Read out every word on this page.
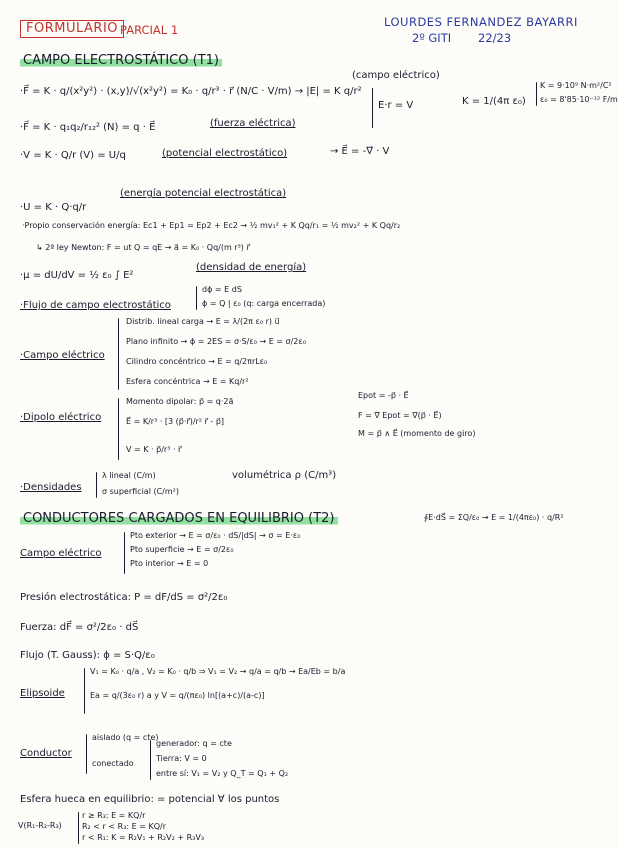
FORMULARIO PARCIAL 1
LOURDES FERNANDEZ BAYARRI
2º GITI 22/23
CAMPO ELECTROSTÁTICO (T1)
·F⃗ = K · q/(x²y²) · (x,y)/√(x²y²) = K₀ · q/r³ · r⃗ (N/C · V/m) → |E| = K q/r²
(campo eléctrico)
E·r = V	K = 1/(4π ε₀)
K = 9·10⁹ N·m²/C²
ε₀ = 8'85·10⁻¹² F/m
·F⃗ = K · q₁q₂/r₁₂² (N) = q · E⃗	(fuerza eléctrica)
·V = K · Q/r (V) = U/q	(potencial electrostático)	→ E⃗ = -∇⃗ · V
·U = K · Q·q/r
(energía potencial electrostática)
·Propio conservación energía: Ec1 + Ep1 = Ep2 + Ec2 → ½ mv₁² + K Qq/r₁ = ½ mv₂² + K Qq/r₂
↳ 2ª ley Newton: F = ut Q = qE → a⃗ = K₀ · Qq/(m r³) r⃗
·μ = dU/dV = ½ ε₀ ∫ E²
(densidad de energía)
·Flujo de campo electrostático
dϕ = E dS
ϕ = Q | ε₀ (q: carga encerrada)
·Campo eléctrico
Distrib. lineal carga → E = λ/(2π ε₀ r) u⃗
Plano infinito → ϕ = 2ES = σ·S/ε₀ → E = σ/2ε₀
Cilindro concéntrico → E = q/2πrLε₀
Esfera concéntrica → E = Kq/r²
·Dipolo eléctrico
Momento dipolar: p⃗ = q·2a⃗
E⃗ = K/r³ · [3 (p⃗·r⃗)/r² r⃗ - p⃗]
V = K · p⃗/r³ · r⃗
Epot = -p⃗ · E⃗
F = ∇⃗ Epot = ∇(p⃗ · E⃗)
M = p⃗ ∧ E⃗ (momento de giro)
·Densidades
λ lineal (C/m)
σ superficial (C/m²)
volumétrica ρ (C/m³)
CONDUCTORES CARGADOS EN EQUILIBRIO (T2)	∮E·dS⃗ = ΣQ/ε₀ → E = 1/(4πε₀) · q/R²
Campo eléctrico
Pto exterior → E = σ/ε₀ · dS/|dS| → σ = E·ε₀
Pto superficie → E = σ/2ε₀
Pto interior → E = 0
Presión electrostática: P = dF/dS = σ²/2ε₀
Fuerza: dF⃗ = σ²/2ε₀ · dS⃗
Flujo (T. Gauss): ϕ = S·Q/ε₀
Elipsoide
V₁ = K₀ · q/a , V₂ = K₀ · q/b ⇒ V₁ = V₂ → q/a = q/b → Ea/Eb = b/a
Ea = q/(3ε₀ r) a y V = q/(πε₀) ln[(a+c)/(a-c)]
Conductor
aislado (q = cte)
conectado
generador: q = cte
Tierra: V = 0
entre sí: V₁ = V₂ y Q_T = Q₁ + Q₂
Esfera hueca en equilibrio: = potencial ∀ los puntos
V(R₁-R₂-R₃)
r ≥ R₃: E = KQ/r
R₂ < r < R₃: E = KQ/r
r < R₁: K = R₂V₁ + R₂V₂ + R₃V₃
